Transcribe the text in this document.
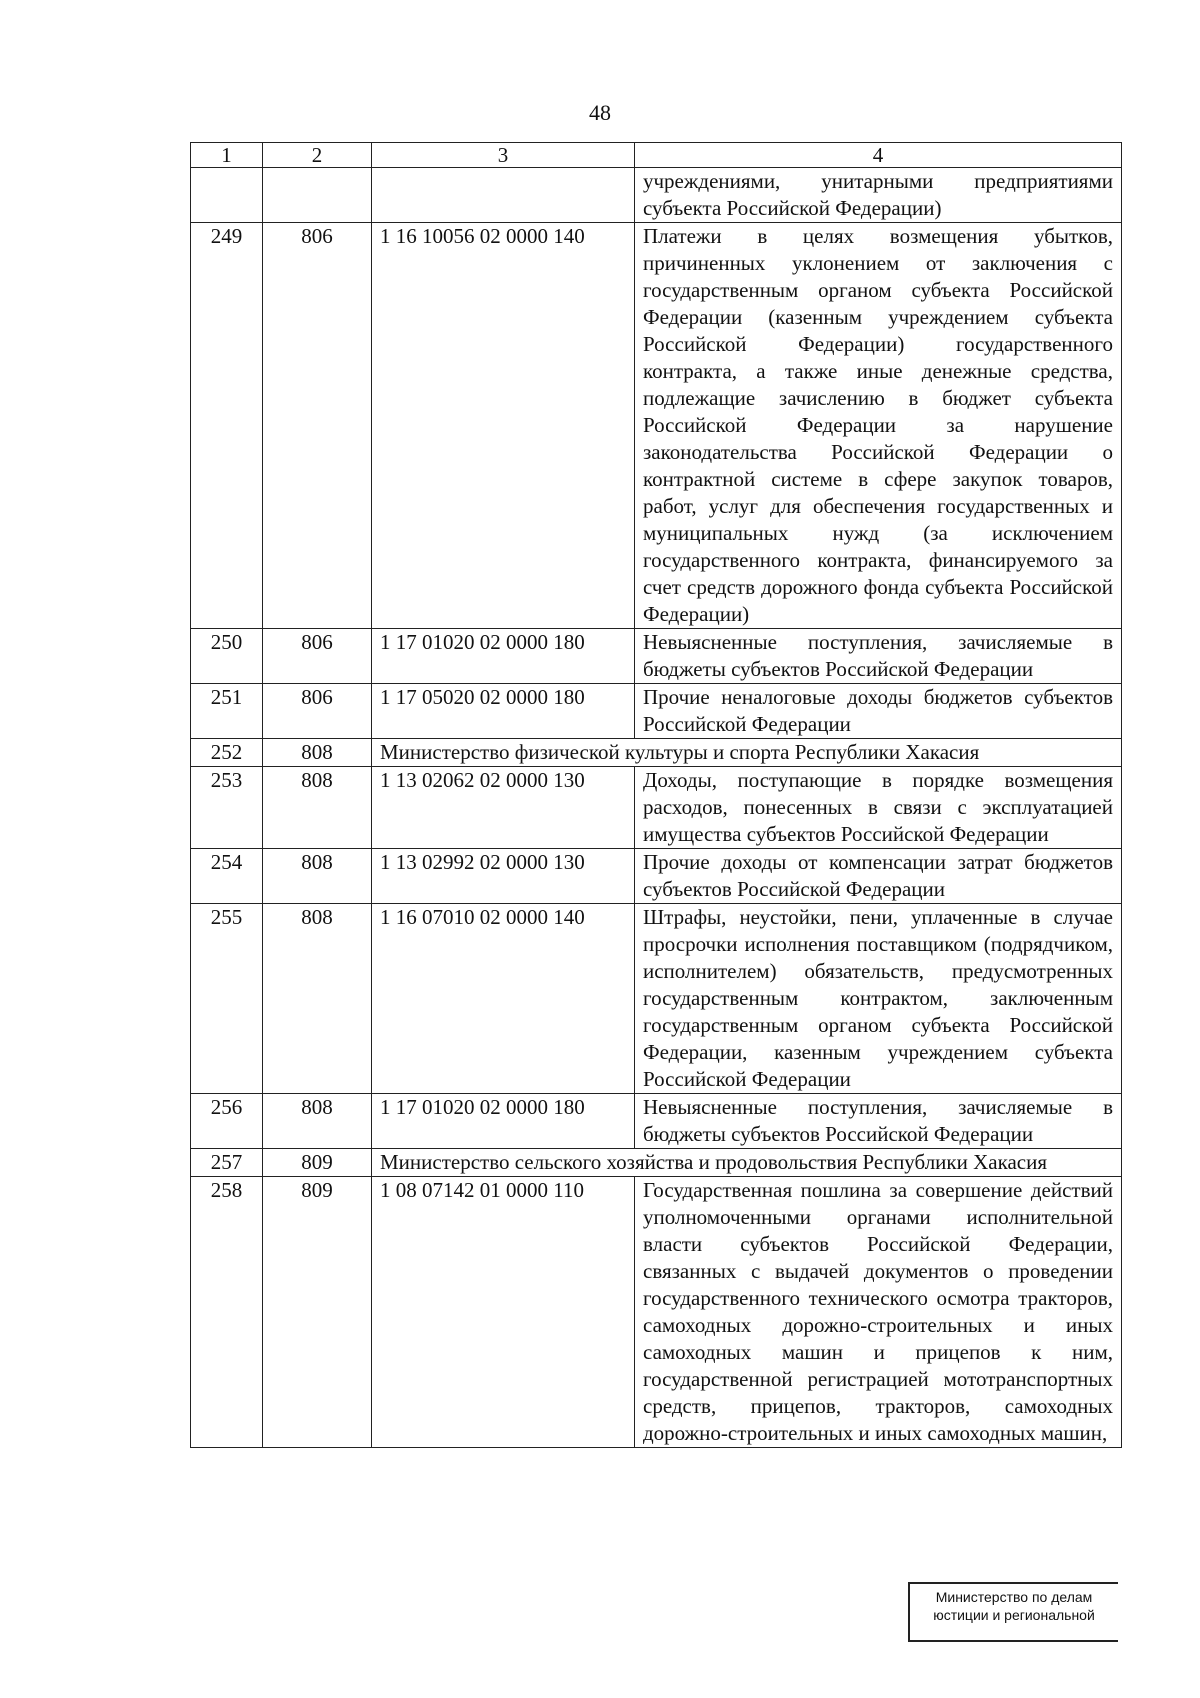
48
1	2	3	4
			учреждениями, унитарными предприятиями субъекта Российской Федерации)
249	806	1 16 10056 02 0000 140	Платежи в целях возмещения убытков, причиненных уклонением от заключения с государственным органом субъекта Российской Федерации (казенным учреждением субъекта Российской Федерации) государственного контракта, а также иные денежные средства, подлежащие зачислению в бюджет субъекта Российской Федерации за нарушение законодательства Российской Федерации о контрактной системе в сфере закупок товаров, работ, услуг для обеспечения государственных и муниципальных нужд (за исключением государственного контракта, финансируемого за счет средств дорожного фонда субъекта Российской Федерации)
250	806	1 17 01020 02 0000 180	Невыясненные поступления, зачисляемые в бюджеты субъектов Российской Федерации
251	806	1 17 05020 02 0000 180	Прочие неналоговые доходы бюджетов субъектов Российской Федерации
252	808	Министерство физической культуры и спорта Республики Хакасия	
253	808	1 13 02062 02 0000 130	Доходы, поступающие в порядке возмещения расходов, понесенных в связи с эксплуатацией имущества субъектов Российской Федерации
254	808	1 13 02992 02 0000 130	Прочие доходы от компенсации затрат бюджетов субъектов Российской Федерации
255	808	1 16 07010 02 0000 140	Штрафы, неустойки, пени, уплаченные в случае просрочки исполнения поставщиком (подрядчиком, исполнителем) обязательств, предусмотренных государственным контрактом, заключенным государственным органом субъекта Российской Федерации, казенным учреждением субъекта Российской Федерации
256	808	1 17 01020 02 0000 180	Невыясненные поступления, зачисляемые в бюджеты субъектов Российской Федерации
257	809	Министерство сельского хозяйства и продовольствия Республики Хакасия	
258	809	1 08 07142 01 0000 110	Государственная пошлина за совершение действий уполномоченными органами исполнительной власти субъектов Российской Федерации, связанных с выдачей документов о проведении государственного технического осмотра тракторов, самоходных дорожно-строительных и иных самоходных машин и прицепов к ним, государственной регистрацией мототранспортных средств, прицепов, тракторов, самоходных дорожно-строительных и иных самоходных машин,
Министерство по делам
юстиции и региональной
